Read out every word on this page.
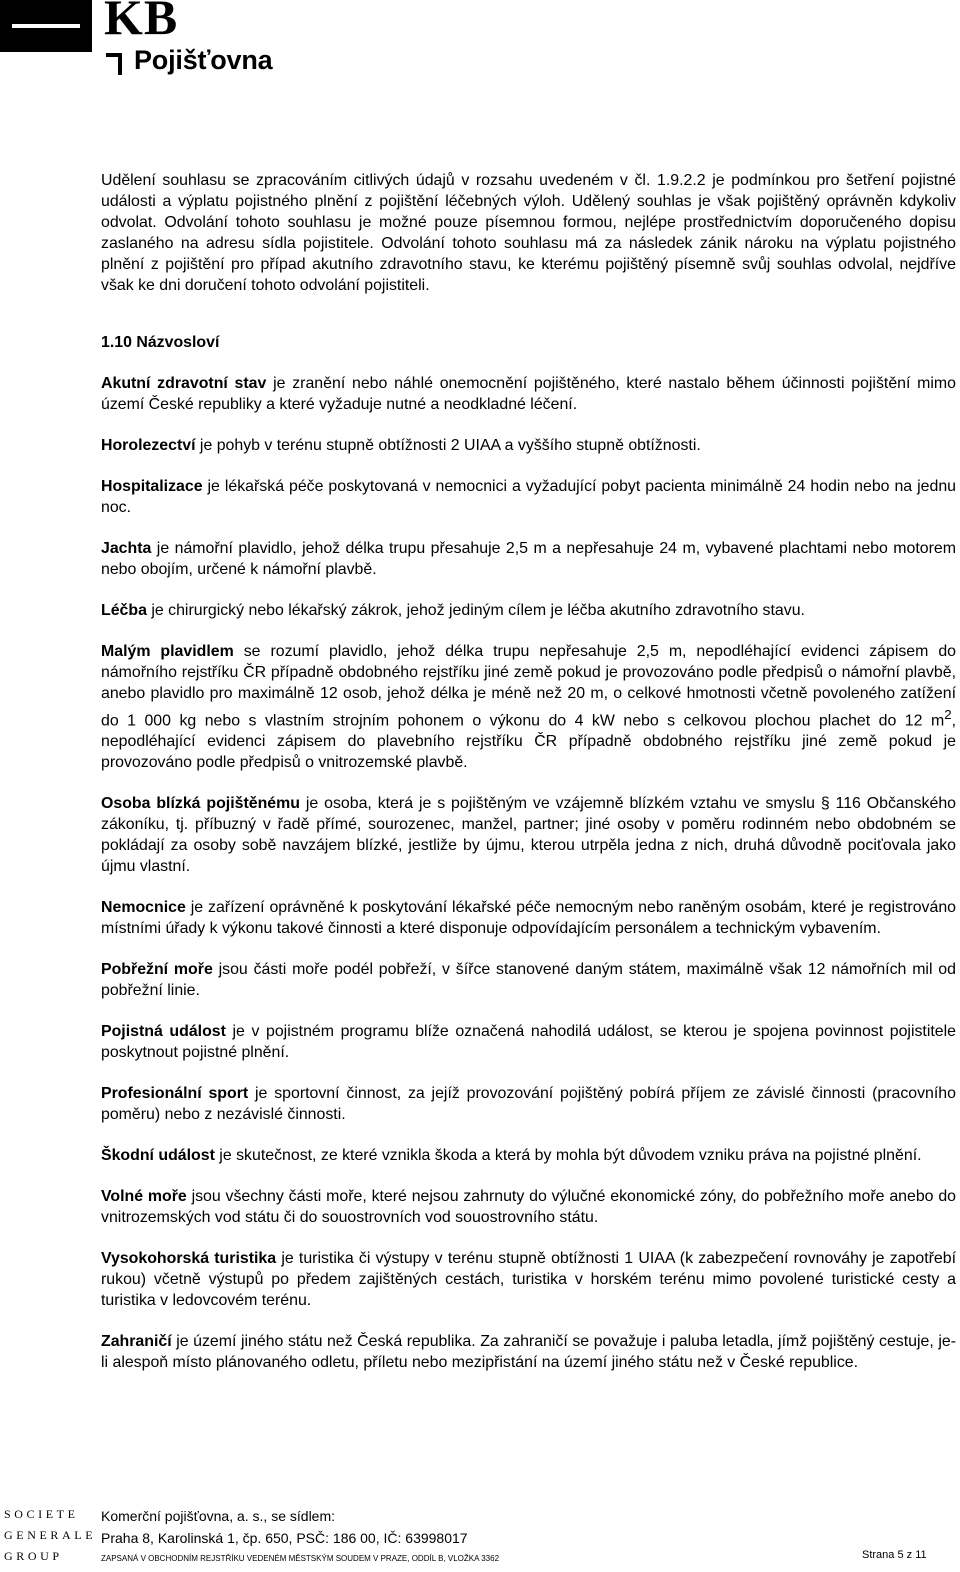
KB
Pojišťovna

Udělení souhlasu se zpracováním citlivých údajů v rozsahu uvedeném v čl. 1.9.2.2 je podmínkou pro šetření pojistné události a výplatu pojistného plnění z pojištění léčebných výloh. Udělený souhlas je však pojištěný oprávněn kdykoliv odvolat. Odvolání tohoto souhlasu je možné pouze písemnou formou, nejlépe prostřednictvím doporučeného dopisu zaslaného na adresu sídla pojistitele. Odvolání tohoto souhlasu má za následek zánik nároku na výplatu pojistného plnění z pojištění pro případ akutního zdravotního stavu, ke kterému pojištěný písemně svůj souhlas odvolal, nejdříve však ke dni doručení tohoto odvolání pojistiteli.

1.10 Názvosloví

Akutní zdravotní stav je zranění nebo náhlé onemocnění pojištěného, které nastalo během účinnosti pojištění mimo území České republiky a které vyžaduje nutné a neodkladné léčení.

Horolezectví je pohyb v terénu stupně obtížnosti 2 UIAA a vyššího stupně obtížnosti.

Hospitalizace je lékařská péče poskytovaná v nemocnici a vyžadující pobyt pacienta minimálně 24 hodin nebo na jednu noc.

Jachta je námořní plavidlo, jehož délka trupu přesahuje 2,5 m a nepřesahuje 24 m, vybavené plachtami nebo motorem nebo obojím, určené k námořní plavbě.

Léčba je chirurgický nebo lékařský zákrok, jehož jediným cílem je léčba akutního zdravotního stavu.

Malým plavidlem se rozumí plavidlo, jehož délka trupu nepřesahuje 2,5 m, nepodléhající evidenci zápisem do námořního rejstříku ČR případně obdobného rejstříku jiné země pokud je provozováno podle předpisů o námořní plavbě, anebo plavidlo pro maximálně 12 osob, jehož délka je méně než 20 m, o celkové hmotnosti včetně povoleného zatížení do 1 000 kg nebo s vlastním strojním pohonem o výkonu do 4 kW nebo s celkovou plochou plachet do 12 $m^2$, nepodléhající evidenci zápisem do plavebního rejstříku ČR případně obdobného rejstříku jiné země pokud je provozováno podle předpisů o vnitrozemské plavbě.

Osoba blízká pojištěnému je osoba, která je s pojištěným ve vzájemně blízkém vztahu ve smyslu § 116 Občanského zákoníku, tj. příbuzný v řadě přímé, sourozenec, manžel, partner; jiné osoby v poměru rodinném nebo obdobném se pokládají za osoby sobě navzájem blízké, jestliže by újmu, kterou utrpěla jedna z nich, druhá důvodně pociťovala jako újmu vlastní.

Nemocnice je zařízení oprávněné k poskytování lékařské péče nemocným nebo raněným osobám, které je registrováno místními úřady k výkonu takové činnosti a které disponuje odpovídajícím personálem a technickým vybavením.

Pobřežní moře jsou části moře podél pobřeží, v šířce stanovené daným státem, maximálně však 12 námořních mil od pobřežní linie.

Pojistná událost je v pojistném programu blíže označená nahodilá událost, se kterou je spojena povinnost pojistitele poskytnout pojistné plnění.

Profesionální sport je sportovní činnost, za jejíž provozování pojištěný pobírá příjem ze závislé činnosti (pracovního poměru) nebo z nezávislé činnosti.

Škodní událost je skutečnost, ze které vznikla škoda a která by mohla být důvodem vzniku práva na pojistné plnění.

Volné moře jsou všechny části moře, které nejsou zahrnuty do výlučné ekonomické zóny, do pobřežního moře anebo do vnitrozemských vod státu či do souostrovních vod souostrovního státu.

Vysokohorská turistika je turistika či výstupy v terénu stupně obtížnosti 1 UIAA (k zabezpečení rovnováhy je zapotřebí rukou) včetně výstupů po předem zajištěných cestách, turistika v horském terénu mimo povolené turistické cesty a turistika v ledovcovém terénu.

Zahraničí je území jiného státu než Česká republika. Za zahraničí se považuje i paluba letadla, jímž pojištěný cestuje, je-li alespoň místo plánovaného odletu, příletu nebo mezipřistání na území jiného státu než v České republice.

SOCIETE
GENERALE
GROUP
Komerční pojišťovna, a. s., se sídlem:
Praha 8, Karolinská 1, čp. 650, PSČ: 186 00, IČ: 63998017
ZAPSANÁ V OBCHODNÍM REJSTŘÍKU VEDENÉM MĚSTSKÝM SOUDEM V PRAZE, ODDÍL B, VLOŽKA 3362	Strana 5 z 11
